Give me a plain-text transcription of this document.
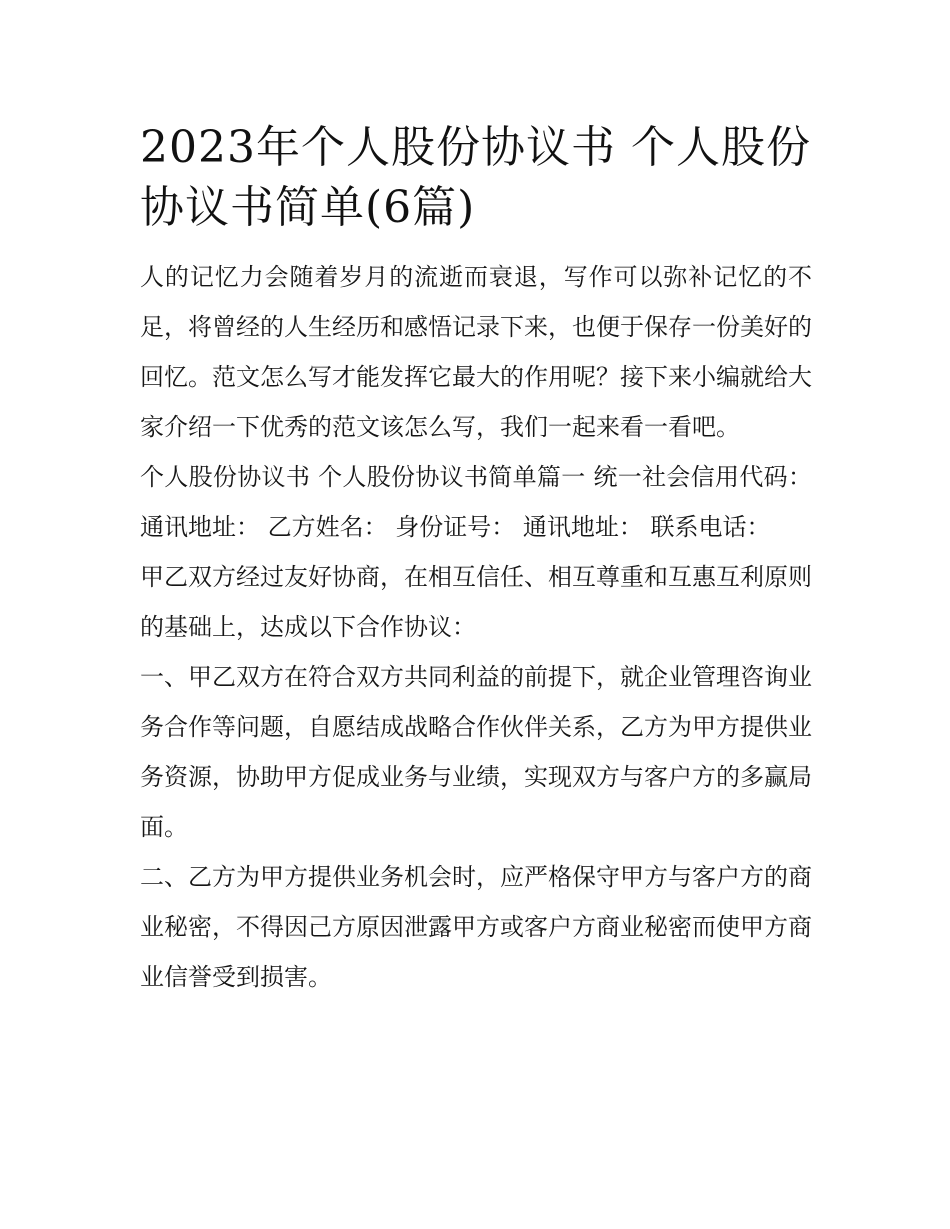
2023年个人股份协议书 个人股份协议书简单(6篇)

人的记忆力会随着岁月的流逝而衰退，写作可以弥补记忆的不足，将曾经的人生经历和感悟记录下来，也便于保存一份美好的回忆。范文怎么写才能发挥它最大的作用呢？接下来小编就给大家介绍一下优秀的范文该怎么写，我们一起来看一看吧。

个人股份协议书 个人股份协议书简单篇一 统一社会信用代码： 通讯地址： 乙方姓名： 身份证号： 通讯地址： 联系电话：

甲乙双方经过友好协商，在相互信任、相互尊重和互惠互利原则的基础上，达成以下合作协议：

一、甲乙双方在符合双方共同利益的前提下，就企业管理咨询业务合作等问题，自愿结成战略合作伙伴关系，乙方为甲方提供业务资源，协助甲方促成业务与业绩，实现双方与客户方的多赢局面。

二、乙方为甲方提供业务机会时，应严格保守甲方与客户方的商业秘密，不得因己方原因泄露甲方或客户方商业秘密而使甲方商业信誉受到损害。
